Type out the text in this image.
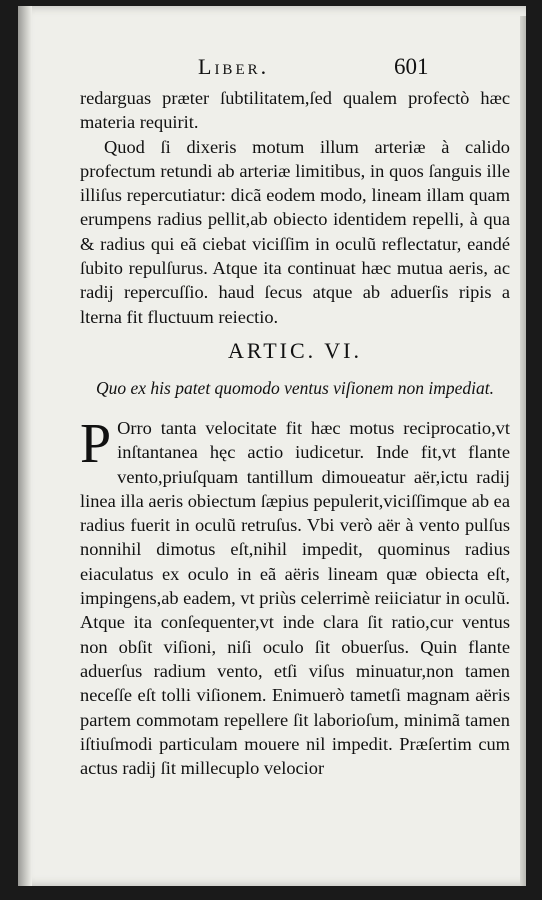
Liber.	601

redarguas præter ſubtilitatem,ſed qualem profectò hæc materia requirit.

Quod ſi dixeris motum illum arteriæ à calido profectum retundi ab arteriæ limitibus, in quos ſanguis ille illiſus repercutiatur: dicã eodem modo, lineam illam quam erumpens radius pellit,ab obiecto identidem repelli, à qua & radius qui eã ciebat viciſſim in oculũ reflectatur, eandé ſubito repulſurus. Atque ita continuat hæc mutua aeris, ac radij repercuſſio. haud ſecus atque ab aduerſis ripis a lterna fit fluctuum reiectio.

ARTIC. VI.
Quo ex his patet quomodo ventus viſionem non impediat.
P Orro tanta velocitate fit hæc motus reciprocatio,vt inſtantanea hęc actio iudicetur. Inde fit,vt flante vento,priuſquam tantillum dimoueatur aër,ictu radij linea illa aeris obiectum ſæpius pepulerit,viciſſimque ab ea radius fuerit in oculũ retruſus. Vbi verò aër à vento pulſus nonnihil dimotus eſt,nihil impedit, quominus radius eiaculatus ex oculo in eã aëris lineam quæ obiecta eſt, impingens,ab eadem, vt priùs celerrimè reiiciatur in oculũ. Atque ita conſequenter,vt inde clara ſit ratio,cur ventus non obſit viſioni, niſi oculo ſit obuerſus. Quin flante aduerſus radium vento, etſi viſus minuatur,non tamen neceſſe eſt tolli viſionem. Enimuerò tametſi magnam aëris partem commotam repellere ſit laborioſum, minimã tamen iſtiuſmodi particulam mouere nil impedit. Præſertim cum actus radij ſit millecuplo velocior
